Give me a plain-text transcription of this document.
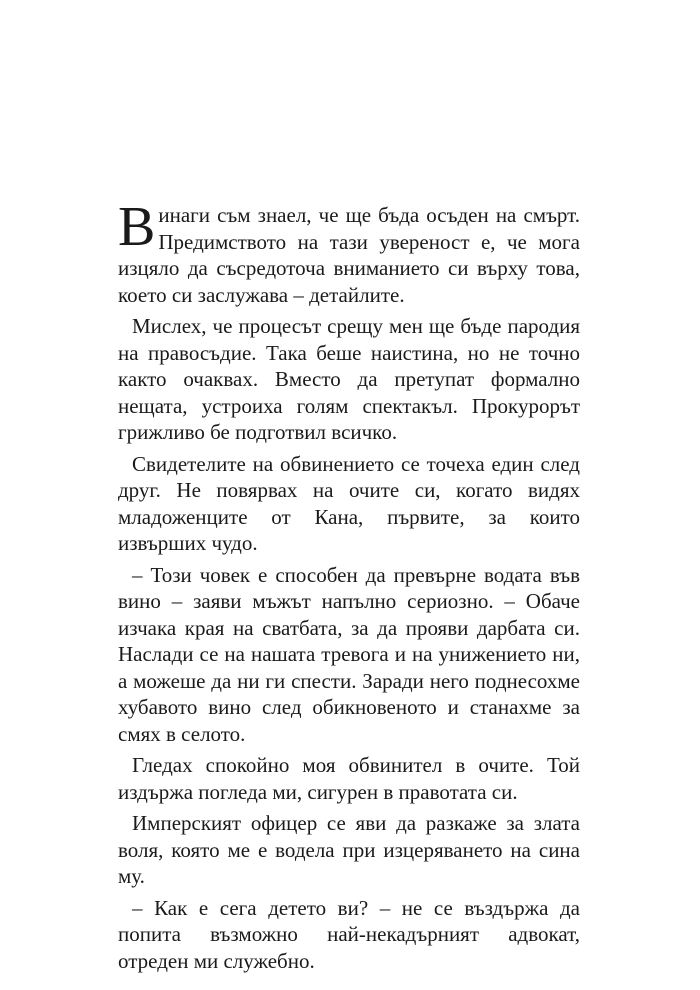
Винаги съм знаел, че ще бъда осъден на смърт. Предимството на тази увереност е, че мога изцяло да съсредоточа вниманието си върху това, което си заслужава – детайлите.

Мислех, че процесът срещу мен ще бъде пародия на правосъдие. Така беше наистина, но не точно както очаквах. Вместо да претупат формално нещата, устроиха голям спектакъл. Прокурорът грижливо бе подготвил всичко.

Свидетелите на обвинението се точеха един след друг. Не повярвах на очите си, когато видях младоженците от Кана, първите, за които извърших чудо.

– Този човек е способен да превърне водата във вино – заяви мъжът напълно сериозно. – Обаче изчака края на сватбата, за да прояви дарбата си. Наслади се на нашата тревога и на унижението ни, а можеше да ни ги спести. Заради него поднесохме хубавото вино след обикновеното и станахме за смях в селото.

Гледах спокойно моя обвинител в очите. Той издържа погледа ми, сигурен в правотата си.

Имперският офицер се яви да разкаже за злата воля, която ме е водела при изцеряването на сина му.

– Как е сега детето ви? – не се въздържа да попита възможно най-некадърният адвокат, отреден ми служебно.
